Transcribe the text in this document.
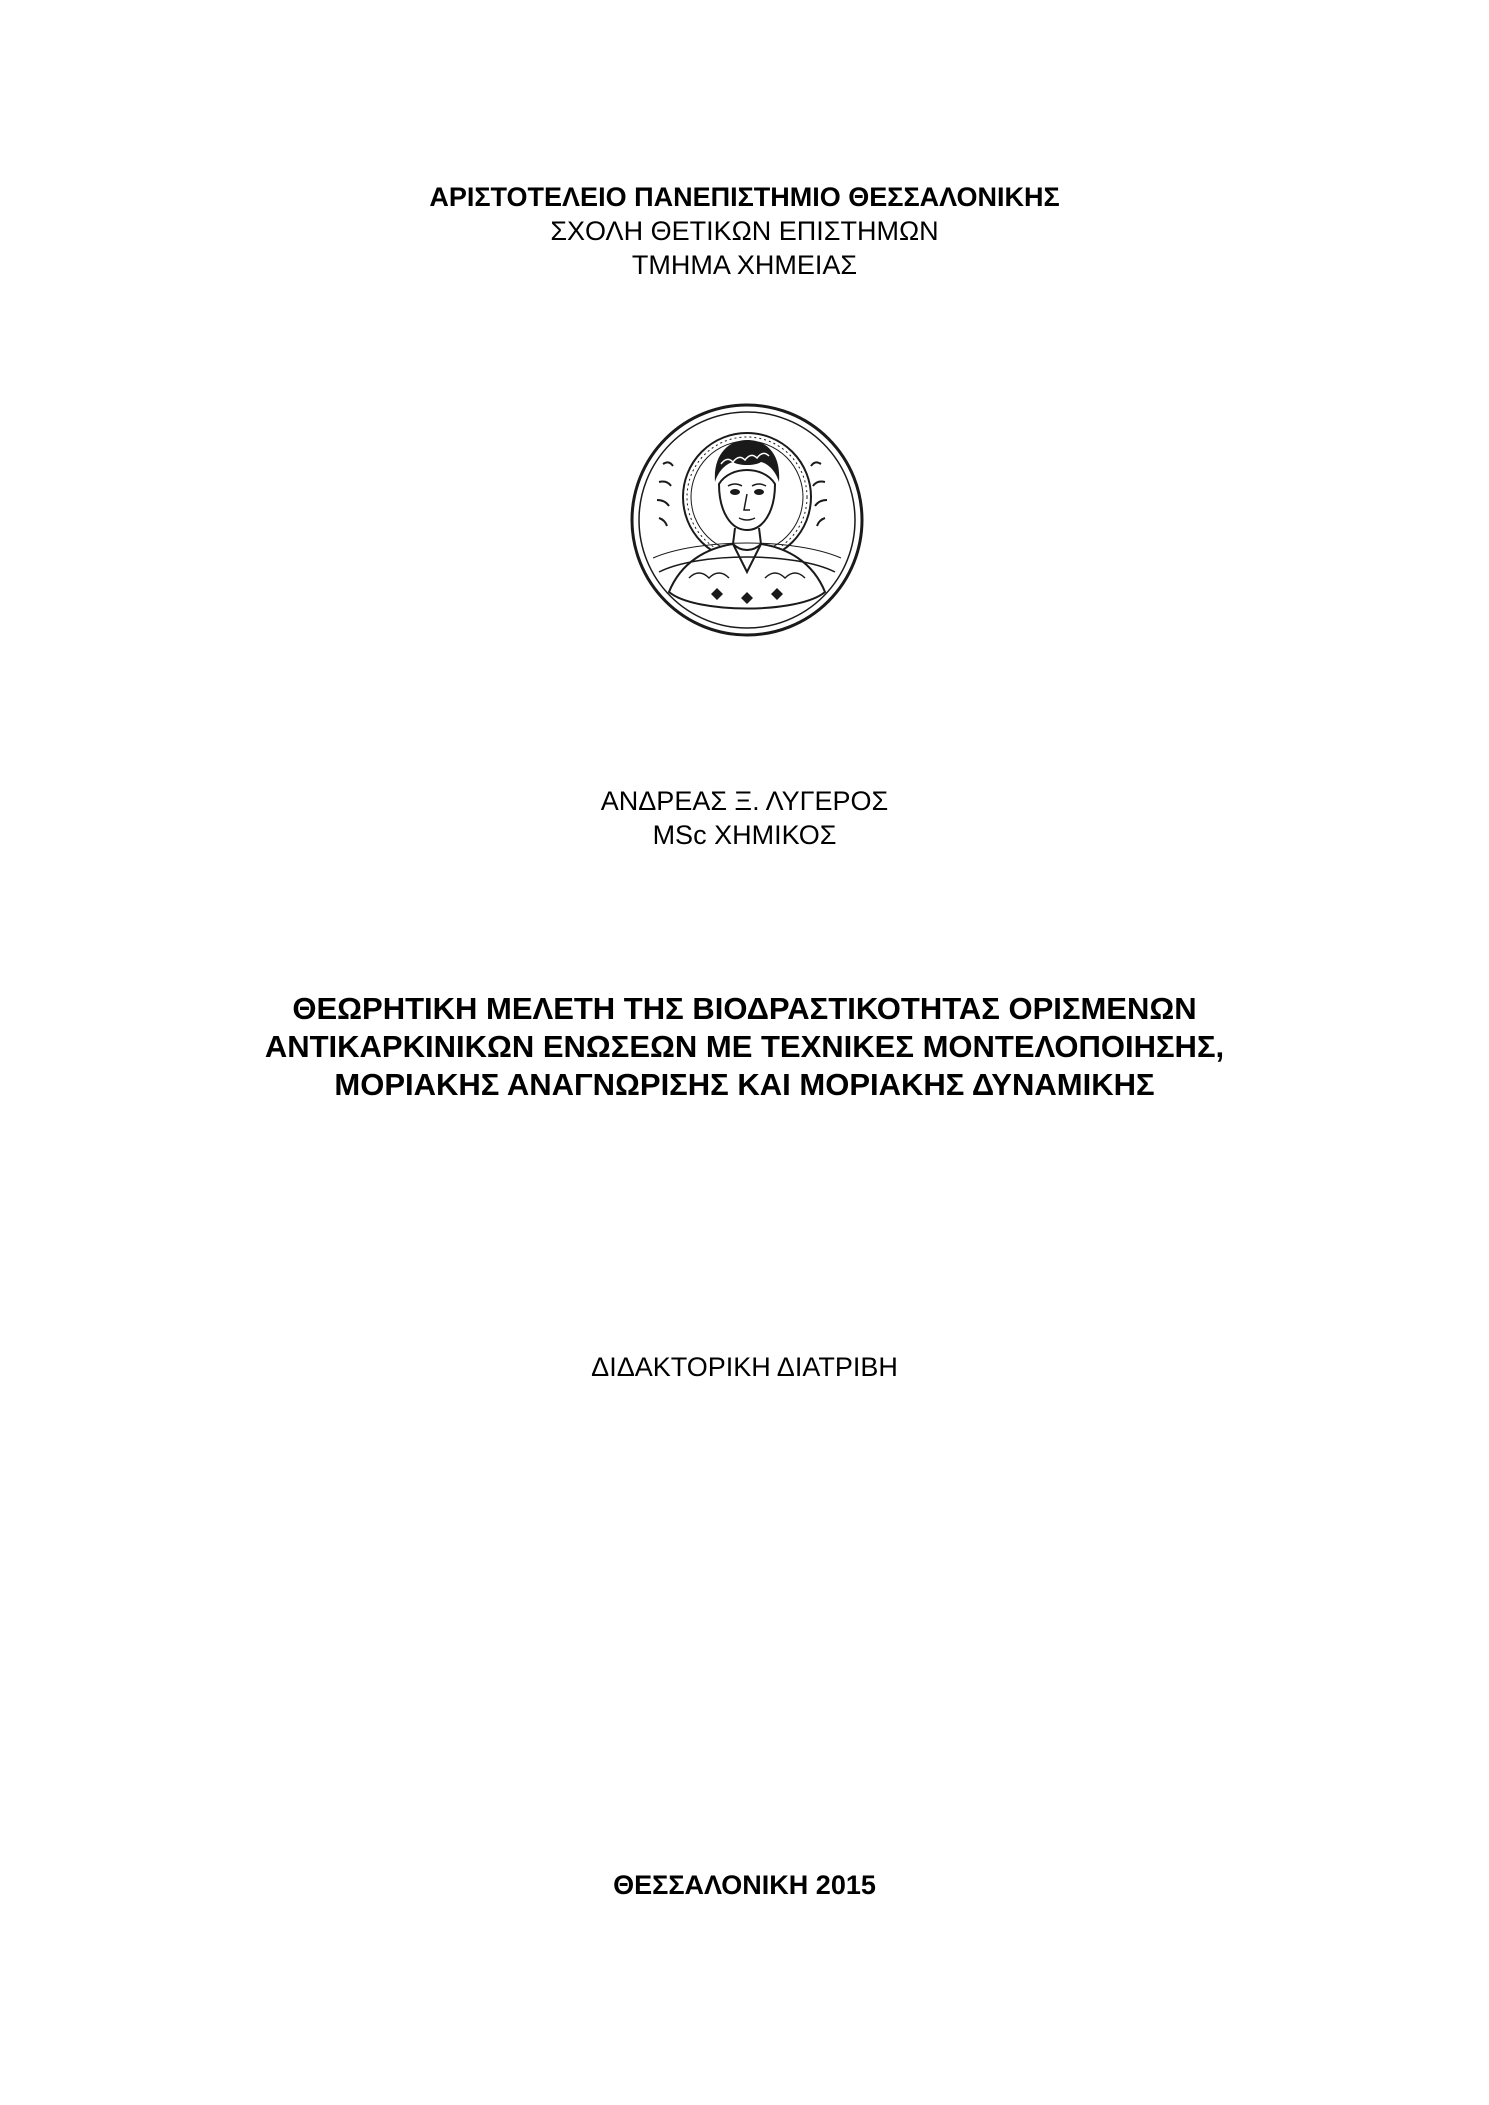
ΑΡΙΣΤΟΤΕΛΕΙΟ ΠΑΝΕΠΙΣΤΗΜΙΟ ΘΕΣΣΑΛΟΝΙΚΗΣ
ΣΧΟΛΗ ΘΕΤΙΚΩΝ ΕΠΙΣΤΗΜΩΝ
ΤΜΗΜΑ ΧΗΜΕΙΑΣ
ΑΝΔΡΕΑΣ Ξ. ΛΥΓΕΡΟΣ
MSc ΧΗΜΙΚΟΣ
ΘΕΩΡΗΤΙΚΗ ΜΕΛΕΤΗ ΤΗΣ ΒΙΟΔΡΑΣΤΙΚΟΤΗΤΑΣ ΟΡΙΣΜΕΝΩΝ
ΑΝΤΙΚΑΡΚΙΝΙΚΩΝ ΕΝΩΣΕΩΝ ΜΕ ΤΕΧΝΙΚΕΣ ΜΟΝΤΕΛΟΠΟΙΗΣΗΣ,
ΜΟΡΙΑΚΗΣ ΑΝΑΓΝΩΡΙΣΗΣ ΚΑΙ ΜΟΡΙΑΚΗΣ ΔΥΝΑΜΙΚΗΣ
ΔΙΔΑΚΤΟΡΙΚΗ ΔΙΑΤΡΙΒΗ
ΘΕΣΣΑΛΟΝΙΚΗ 2015
